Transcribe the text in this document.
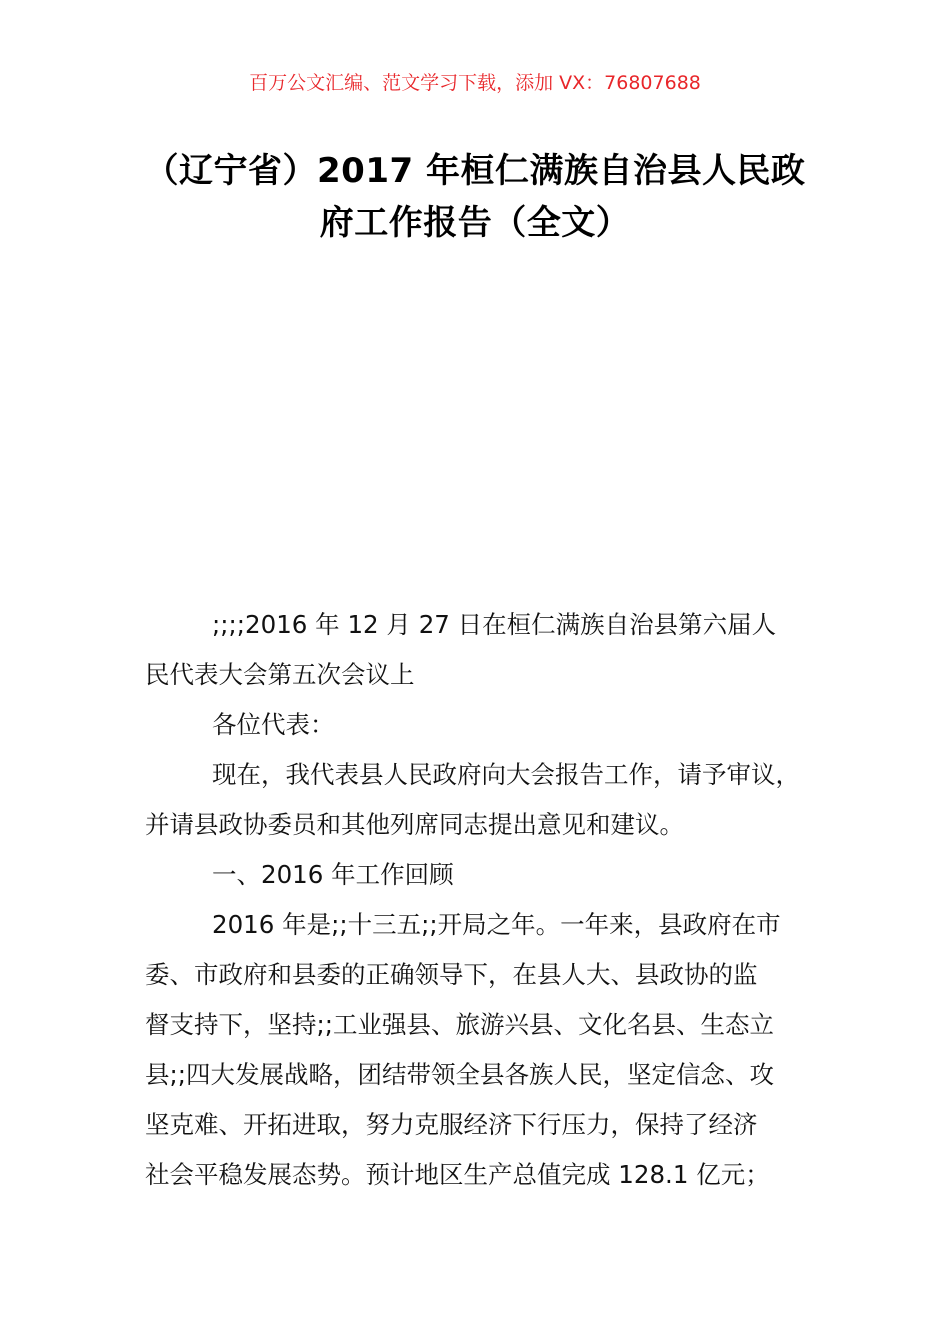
百万公文汇编、范文学习下载，添加 VX：76807688
（辽宁省）2017 年桓仁满族自治县人民政
府工作报告（全文）
;;;;2016 年 12 月 27 日在桓仁满族自治县第六届人
民代表大会第五次会议上
各位代表：
现在，我代表县人民政府向大会报告工作，请予审议，
并请县政协委员和其他列席同志提出意见和建议。
一、2016 年工作回顾
2016 年是;;十三五;;开局之年。一年来，县政府在市
委、市政府和县委的正确领导下，在县人大、县政协的监
督支持下，坚持;;工业强县、旅游兴县、文化名县、生态立
县;;四大发展战略，团结带领全县各族人民，坚定信念、攻
坚克难、开拓进取，努力克服经济下行压力，保持了经济
社会平稳发展态势。预计地区生产总值完成 128.1 亿元；
